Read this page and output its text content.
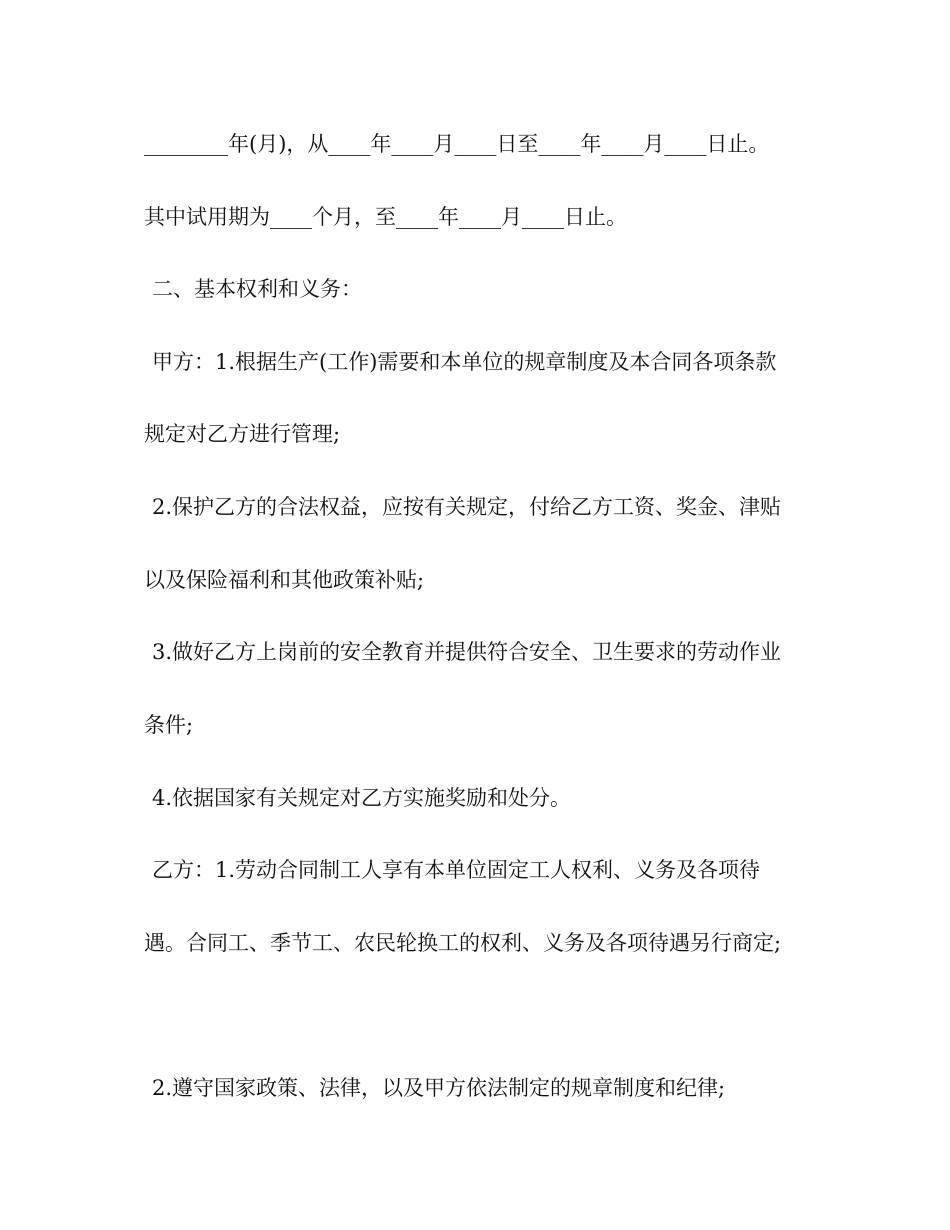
________年(月)，从____年____月____日至____年____月____日止。
其中试用期为____个月，至____年____月____日止。
二、基本权利和义务：
甲方：1.根据生产(工作)需要和本单位的规章制度及本合同各项条款
规定对乙方进行管理;
2.保护乙方的合法权益，应按有关规定，付给乙方工资、奖金、津贴
以及保险福利和其他政策补贴;
3.做好乙方上岗前的安全教育并提供符合安全、卫生要求的劳动作业
条件;
4.依据国家有关规定对乙方实施奖励和处分。
乙方：1.劳动合同制工人享有本单位固定工人权利、义务及各项待
遇。合同工、季节工、农民轮换工的权利、义务及各项待遇另行商定;
2.遵守国家政策、法律，以及甲方依法制定的规章制度和纪律;
